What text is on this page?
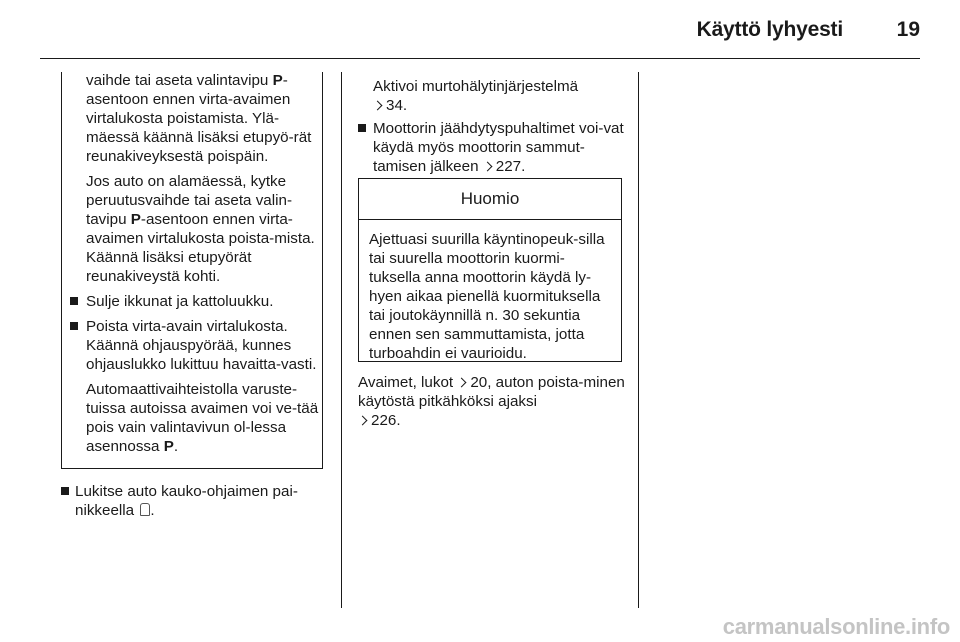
Käyttö lyhyesti	19

vaihde tai aseta valintavipu P-asentoon ennen virta-avaimen virtalukosta poistamista. Ylä-mäessä käännä lisäksi etupyö-rät reunakiveyksestä poispäin.

Jos auto on alamäessä, kytke peruutusvaihde tai aseta valin-tavipu P-asentoon ennen virta-avaimen virtalukosta poista-mista. Käännä lisäksi etupyörät reunakiveystä kohti.

Sulje ikkunat ja kattoluukku.

Poista virta-avain virtalukosta. Käännä ohjauspyörää, kunnes ohjauslukko lukittuu havaitta-vasti.

Automaattivaihteistolla varuste-tuissa autoissa avaimen voi ve-tää pois vain valintavivun ol-lessa asennossa P.

Lukitse auto kauko-ohjaimen pai-nikkeella .

Aktivoi murtohälytinjärjestelmä
34.

Moottorin jäähdytyspuhaltimet voi-vat käydä myös moottorin sammut-tamisen jälkeen 227.

Huomio
Ajettuasi suurilla käyntinopeuk-silla tai suurella moottorin kuormi-tuksella anna moottorin käydä ly-hyen aikaa pienellä kuormituksella tai joutokäynnillä n. 30 sekuntia ennen sen sammuttamista, jotta turboahdin ei vaurioidu.

Avaimet, lukot 20, auton poista-minen käytöstä pitkähköksi ajaksi
226.

carmanualsonline.info
